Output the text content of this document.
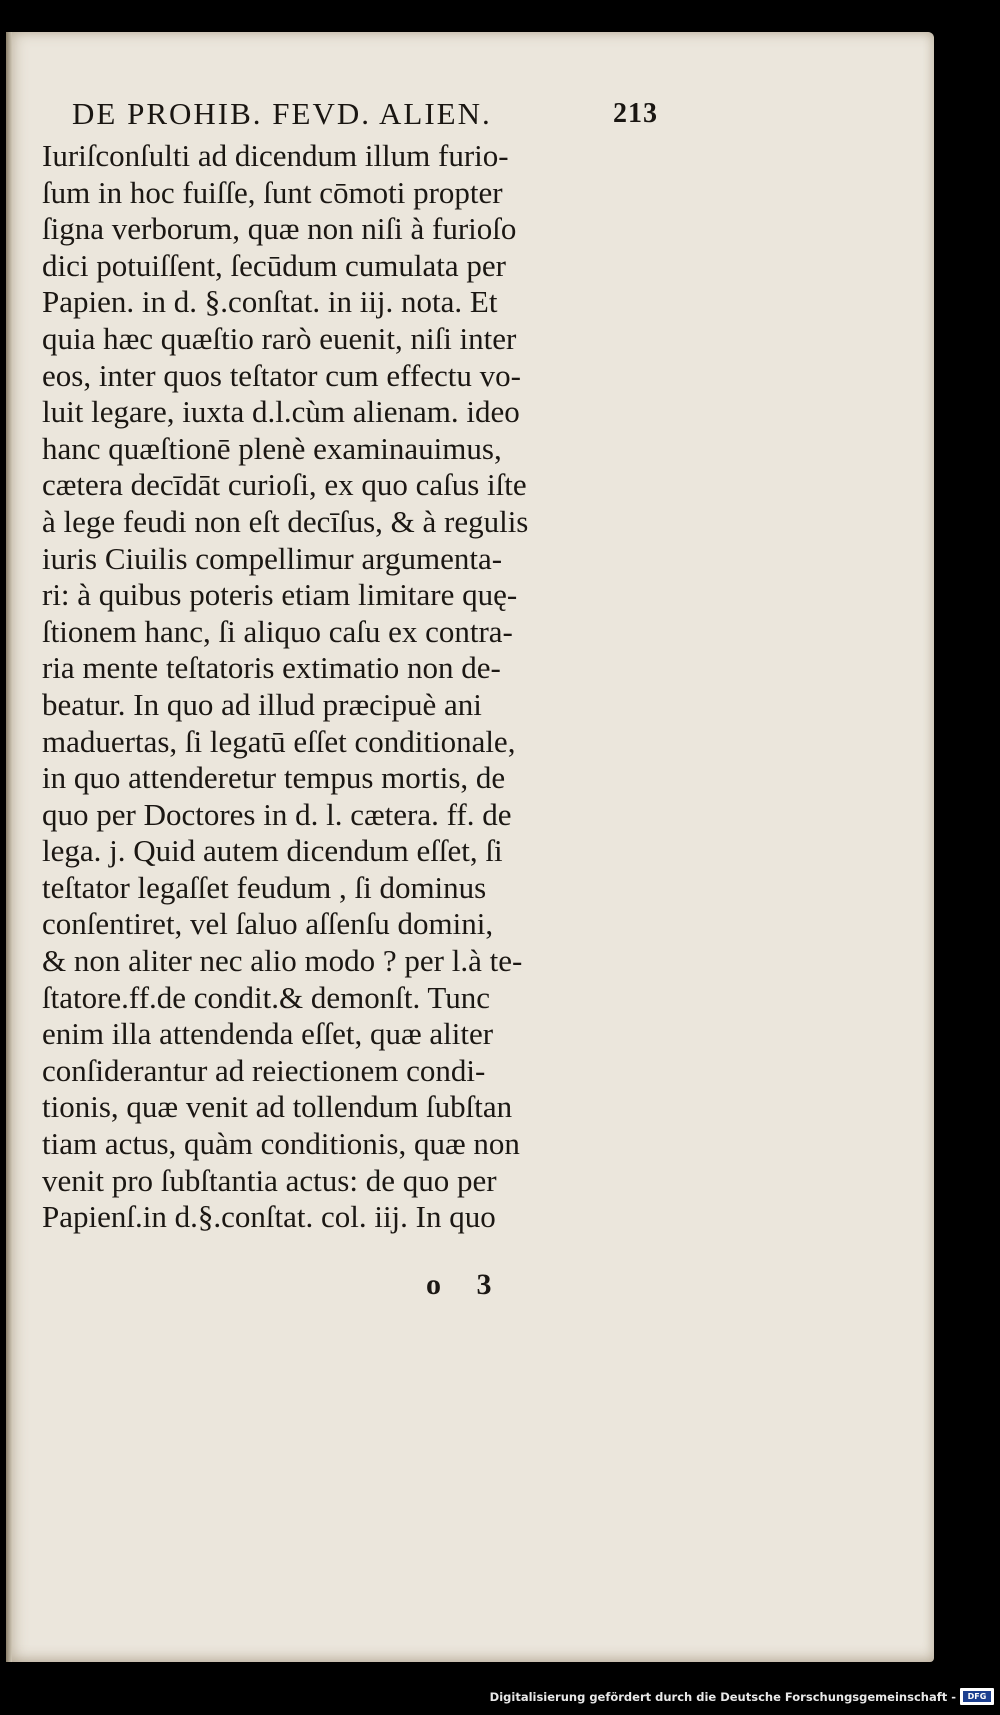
DE PROHIB. FEVD. ALIEN.	213
Iuriſconſulti ad dicendum illum furio-
ſum in hoc fuiſſe, ſunt cōmoti propter
ſigna verborum, quæ non niſi à furioſo
dici potuiſſent, ſecūdum cumulata per
Papien. in d. §.conſtat. in iij. nota. Et
quia hæc quæſtio rarò euenit, niſi inter
eos, inter quos teſtator cum effectu vo-
luit legare, iuxta d.l.cùm alienam. ideo
hanc quæſtionē plenè examinauimus,
cætera decīdāt curioſi, ex quo caſus iſte
à lege feudi non eſt decīſus, & à regulis
iuris Ciuilis compellimur argumenta-
ri: à quibus poteris etiam limitare quę-
ſtionem hanc, ſi aliquo caſu ex contra-
ria mente teſtatoris extimatio non de-
beatur. In quo ad illud præcipuè ani
maduertas, ſi legatū eſſet conditionale,
in quo attenderetur tempus mortis, de
quo per Doctores in d. l. cætera. ff. de
lega. j. Quid autem dicendum eſſet, ſi
teſtator legaſſet feudum , ſi dominus
conſentiret, vel ſaluo aſſenſu domini,
& non aliter nec alio modo ? per l.à te-
ſtatore.ff.de condit.& demonſt. Tunc
enim illa attendenda eſſet, quæ aliter
conſiderantur ad reiectionem condi-
tionis, quæ venit ad tollendum ſubſtan
tiam actus, quàm conditionis, quæ non
venit pro ſubſtantia actus: de quo per
Papienſ.in d.§.conſtat. col. iij. In quo
o 3
Digitalisierung gefördert durch die Deutsche Forschungsgemeinschaft -	DFG
